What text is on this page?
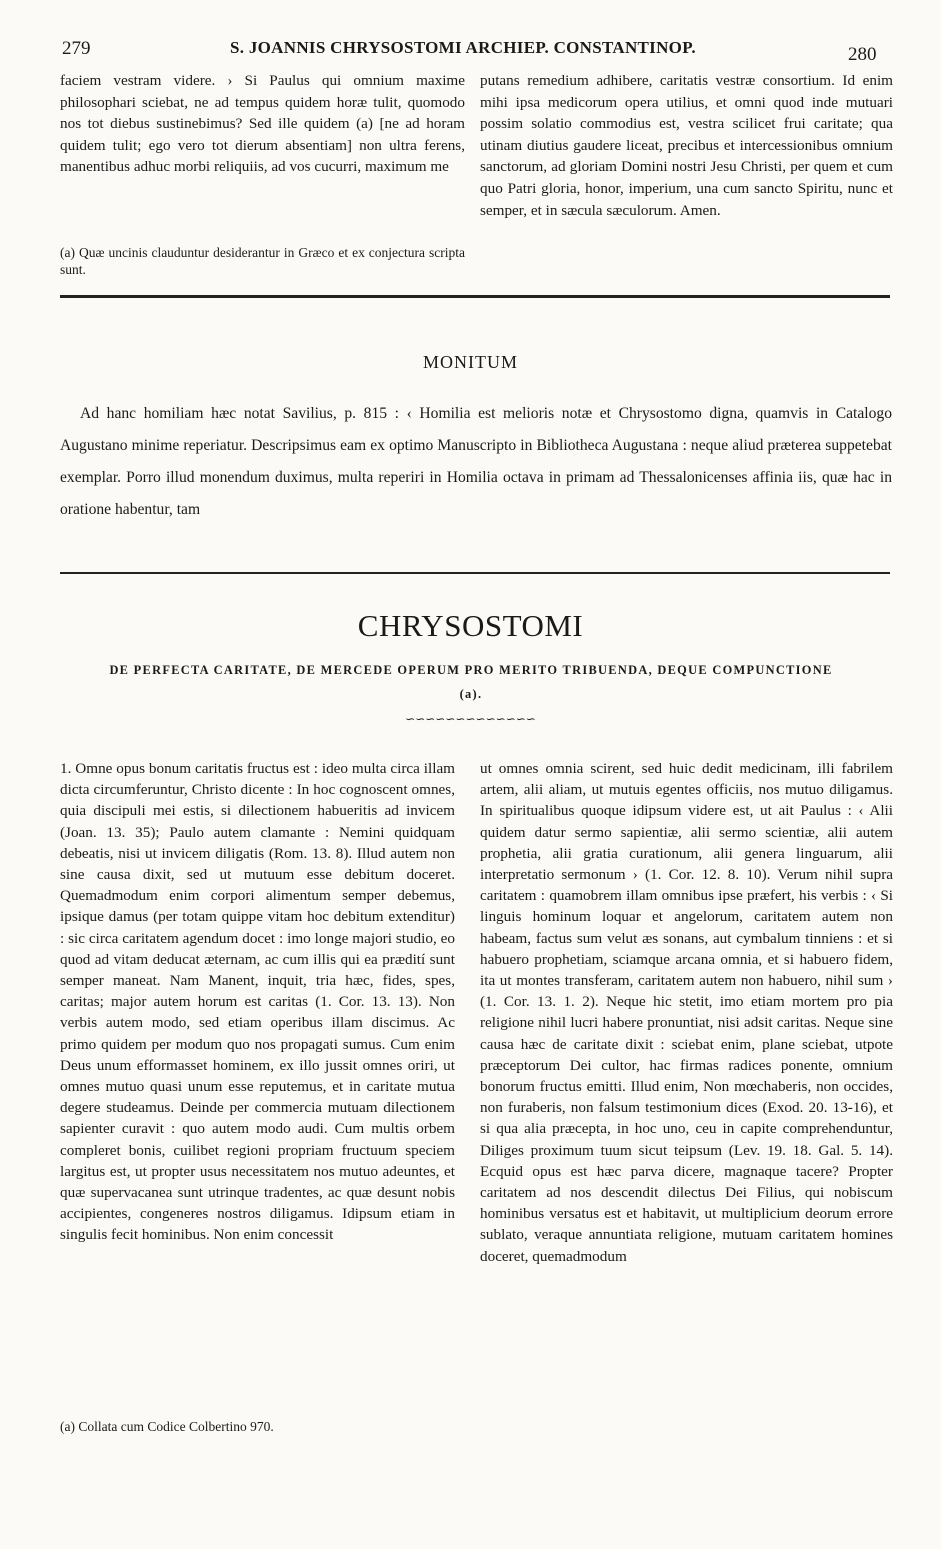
279	S. JOANNIS CHRYSOSTOMI ARCHIEP. CONSTANTINOP.	280

faciem vestram videre. › Si Paulus qui omnium maxime philosophari sciebat, ne ad tempus quidem horæ tulit, quomodo nos tot diebus sustinebimus? Sed ille quidem (a) [ne ad horam quidem tulit; ego vero tot dierum absentiam] non ultra ferens, manentibus adhuc morbi reliquiis, ad vos cucurri, maximum me

(a) Quæ uncinis clauduntur desiderantur in Græco et ex conjectura scripta sunt.

putans remedium adhibere, caritatis vestræ consortium. Id enim mihi ipsa medicorum opera utilius, et omni quod inde mutuari possim solatio commodius est, vestra scilicet frui caritate; qua utinam diutius gaudere liceat, precibus et intercessionibus omnium sanctorum, ad gloriam Domini nostri Jesu Christi, per quem et cum quo Patri gloria, honor, imperium, una cum sancto Spiritu, nunc et semper, et in sæcula sæculorum. Amen.

MONITUM

Ad hanc homiliam hæc notat Savilius, p. 815 : ‹ Homilia est melioris notæ et Chrysostomo digna, quamvis in Catalogo Augustano minime reperiatur. Descripsimus eam ex optimo Manuscripto in Bibliotheca Augustana : neque aliud præterea suppetebat exemplar. Porro illud monendum duximus, multa reperiri in Homilia octava in primam ad Thessalonicenses affinia iis, quæ hac in oratione habentur, tam

CHRYSOSTOMI
DE PERFECTA CARITATE, DE MERCEDE OPERUM PRO MERITO TRIBUENDA, DEQUE COMPUNCTIONE (a).
∽∽∽∽∽∽∽∽∽∽∽∽∽

1. Omne opus bonum caritatis fructus est : ideo multa circa illam dicta circumferuntur, Christo dicente : In hoc cognoscent omnes, quia discipuli mei estis, si dilectionem habueritis ad invicem (Joan. 13. 35); Paulo autem clamante : Nemini quidquam debeatis, nisi ut invicem diligatis (Rom. 13. 8). Illud autem non sine causa dixit, sed ut mutuum esse debitum doceret. Quemadmodum enim corpori alimentum semper debemus, ipsique damus (per totam quippe vitam hoc debitum extenditur) : sic circa caritatem agendum docet : imo longe majori studio, eo quod ad vitam deducat æternam, ac cum illis qui ea prædití sunt semper maneat. Nam Manent, inquit, tria hæc, fides, spes, caritas; major autem horum est caritas (1. Cor. 13. 13). Non verbis autem modo, sed etiam operibus illam discimus. Ac primo quidem per modum quo nos propagati sumus. Cum enim Deus unum efformasset hominem, ex illo jussit omnes oriri, ut omnes mutuo quasi unum esse reputemus, et in caritate mutua degere studeamus. Deinde per commercia mutuam dilectionem sapienter curavit : quo autem modo audi. Cum multis orbem compleret bonis, cuilibet regioni propriam fructuum speciem largitus est, ut propter usus necessitatem nos mutuo adeuntes, et quæ supervacanea sunt utrinque tradentes, ac quæ desunt nobis accipientes, congeneres nostros diligamus. Idipsum etiam in singulis fecit hominibus. Non enim concessit

ut omnes omnia scirent, sed huic dedit medicinam, illi fabrilem artem, alii aliam, ut mutuis egentes officiis, nos mutuo diligamus. In spiritualibus quoque idipsum videre est, ut ait Paulus : ‹ Alii quidem datur sermo sapientiæ, alii sermo scientiæ, alii autem prophetia, alii gratia curationum, alii genera linguarum, alii interpretatio sermonum › (1. Cor. 12. 8. 10). Verum nihil supra caritatem : quamobrem illam omnibus ipse præfert, his verbis : ‹ Si linguis hominum loquar et angelorum, caritatem autem non habeam, factus sum velut æs sonans, aut cymbalum tinniens : et si habuero prophetiam, sciamque arcana omnia, et si habuero fidem, ita ut montes transferam, caritatem autem non habuero, nihil sum › (1. Cor. 13. 1. 2). Neque hic stetit, imo etiam mortem pro pia religione nihil lucri habere pronuntiat, nisi adsit caritas. Neque sine causa hæc de caritate dixit : sciebat enim, plane sciebat, utpote præceptorum Dei cultor, hac firmas radices ponente, omnium bonorum fructus emitti. Illud enim, Non mœchaberis, non occides, non furaberis, non falsum testimonium dices (Exod. 20. 13-16), et si qua alia præcepta, in hoc uno, ceu in capite comprehenduntur, Diliges proximum tuum sicut teipsum (Lev. 19. 18. Gal. 5. 14). Ecquid opus est hæc parva dicere, magnaque tacere? Propter caritatem ad nos descendit dilectus Dei Filius, qui nobiscum hominibus versatus est et habitavit, ut multiplicium deorum errore sublato, veraque annuntiata religione, mutuam caritatem homines doceret, quemadmodum

(a) Collata cum Codice Colbertino 970.
